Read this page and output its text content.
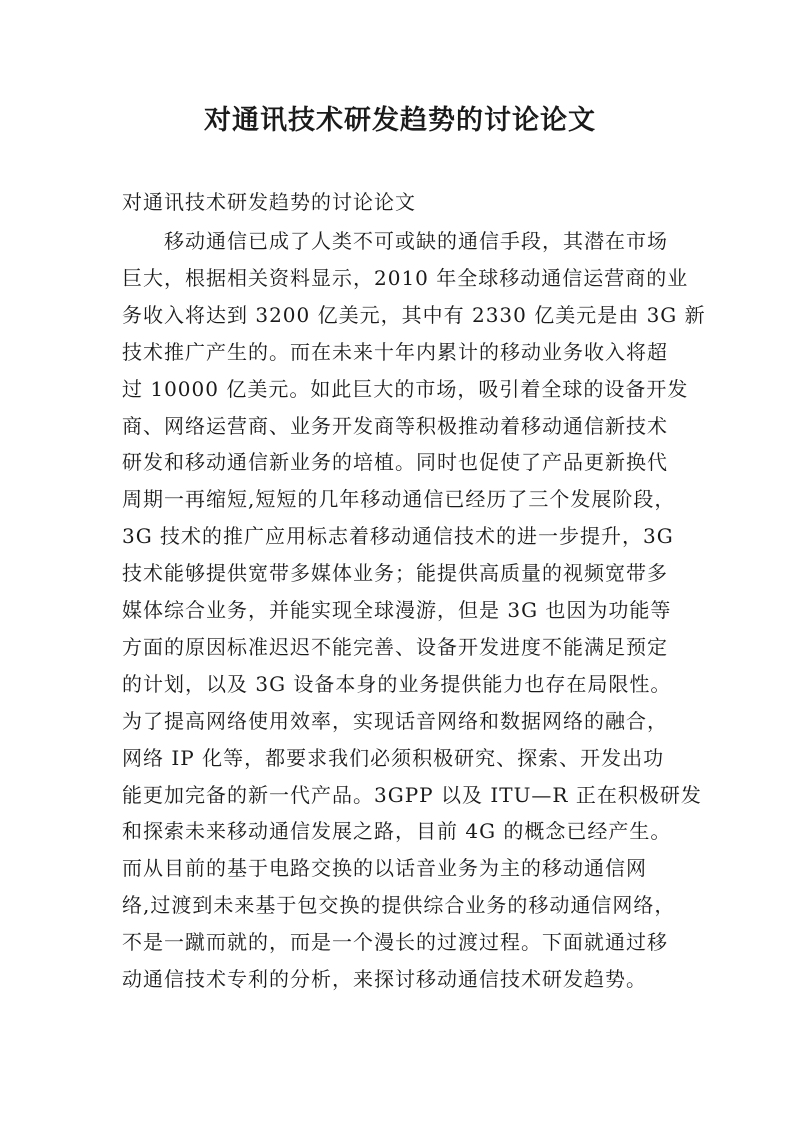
对通讯技术研发趋势的讨论论文
对通讯技术研发趋势的讨论论文
　　移动通信已成了人类不可或缺的通信手段，其潜在市场
巨大，根据相关资料显示，2010 年全球移动通信运营商的业
务收入将达到 3200 亿美元，其中有 2330 亿美元是由 3G 新
技术推广产生的。而在未来十年内累计的移动业务收入将超
过 10000 亿美元。如此巨大的市场，吸引着全球的设备开发
商、网络运营商、业务开发商等积极推动着移动通信新技术
研发和移动通信新业务的培植。同时也促使了产品更新换代
周期一再缩短,短短的几年移动通信已经历了三个发展阶段，
3G 技术的推广应用标志着移动通信技术的进一步提升，3G
技术能够提供宽带多媒体业务；能提供高质量的视频宽带多
媒体综合业务，并能实现全球漫游，但是 3G 也因为功能等
方面的原因标准迟迟不能完善、设备开发进度不能满足预定
的计划，以及 3G 设备本身的业务提供能力也存在局限性。
为了提高网络使用效率，实现话音网络和数据网络的融合，
网络 IP 化等，都要求我们必须积极研究、探索、开发出功
能更加完备的新一代产品。3GPP 以及 ITU—R 正在积极研发
和探索未来移动通信发展之路，目前 4G 的概念已经产生。
而从目前的基于电路交换的以话音业务为主的移动通信网
络,过渡到未来基于包交换的提供综合业务的移动通信网络，
不是一蹴而就的，而是一个漫长的过渡过程。下面就通过移
动通信技术专利的分析，来探讨移动通信技术研发趋势。
